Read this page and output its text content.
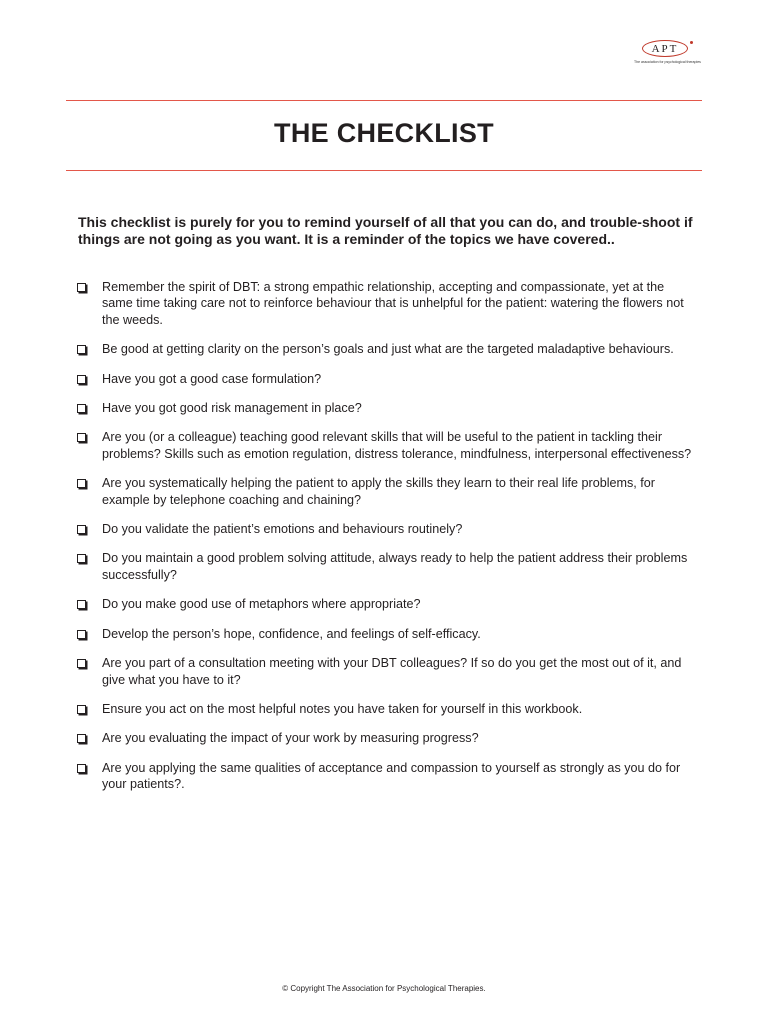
APT
The association for psychological therapies
THE CHECKLIST
This checklist is purely for you to remind yourself of all that you can do, and trouble-shoot if things are not going as you want. It is a reminder of the topics we have covered..
Remember the spirit of DBT: a strong empathic relationship, accepting and compassionate, yet at the same time taking care not to reinforce behaviour that is unhelpful for the patient: watering the flowers not the weeds.
Be good at getting clarity on the person’s goals and just what are the targeted maladaptive behaviours.
Have you got a good case formulation?
Have you got good risk management in place?
Are you (or a colleague) teaching good relevant skills that will be useful to the patient in tackling their problems? Skills such as emotion regulation, distress tolerance, mindfulness, interpersonal effectiveness?
Are you systematically helping the patient to apply the skills they learn to their real life problems, for example by telephone coaching and chaining?
Do you validate the patient’s emotions and behaviours routinely?
Do you maintain a good problem solving attitude, always ready to help the patient address their problems successfully?
Do you make good use of metaphors where appropriate?
Develop the person’s hope, confidence, and feelings of self-efficacy.
Are you part of a consultation meeting with your DBT colleagues? If so do you get the most out of it, and give what you have to it?
Ensure you act on the most helpful notes you have taken for yourself in this workbook.
Are you evaluating the impact of your work by measuring progress?
Are you applying the same qualities of acceptance and compassion to yourself as strongly as you do for your patients?.
© Copyright The Association for Psychological Therapies.
